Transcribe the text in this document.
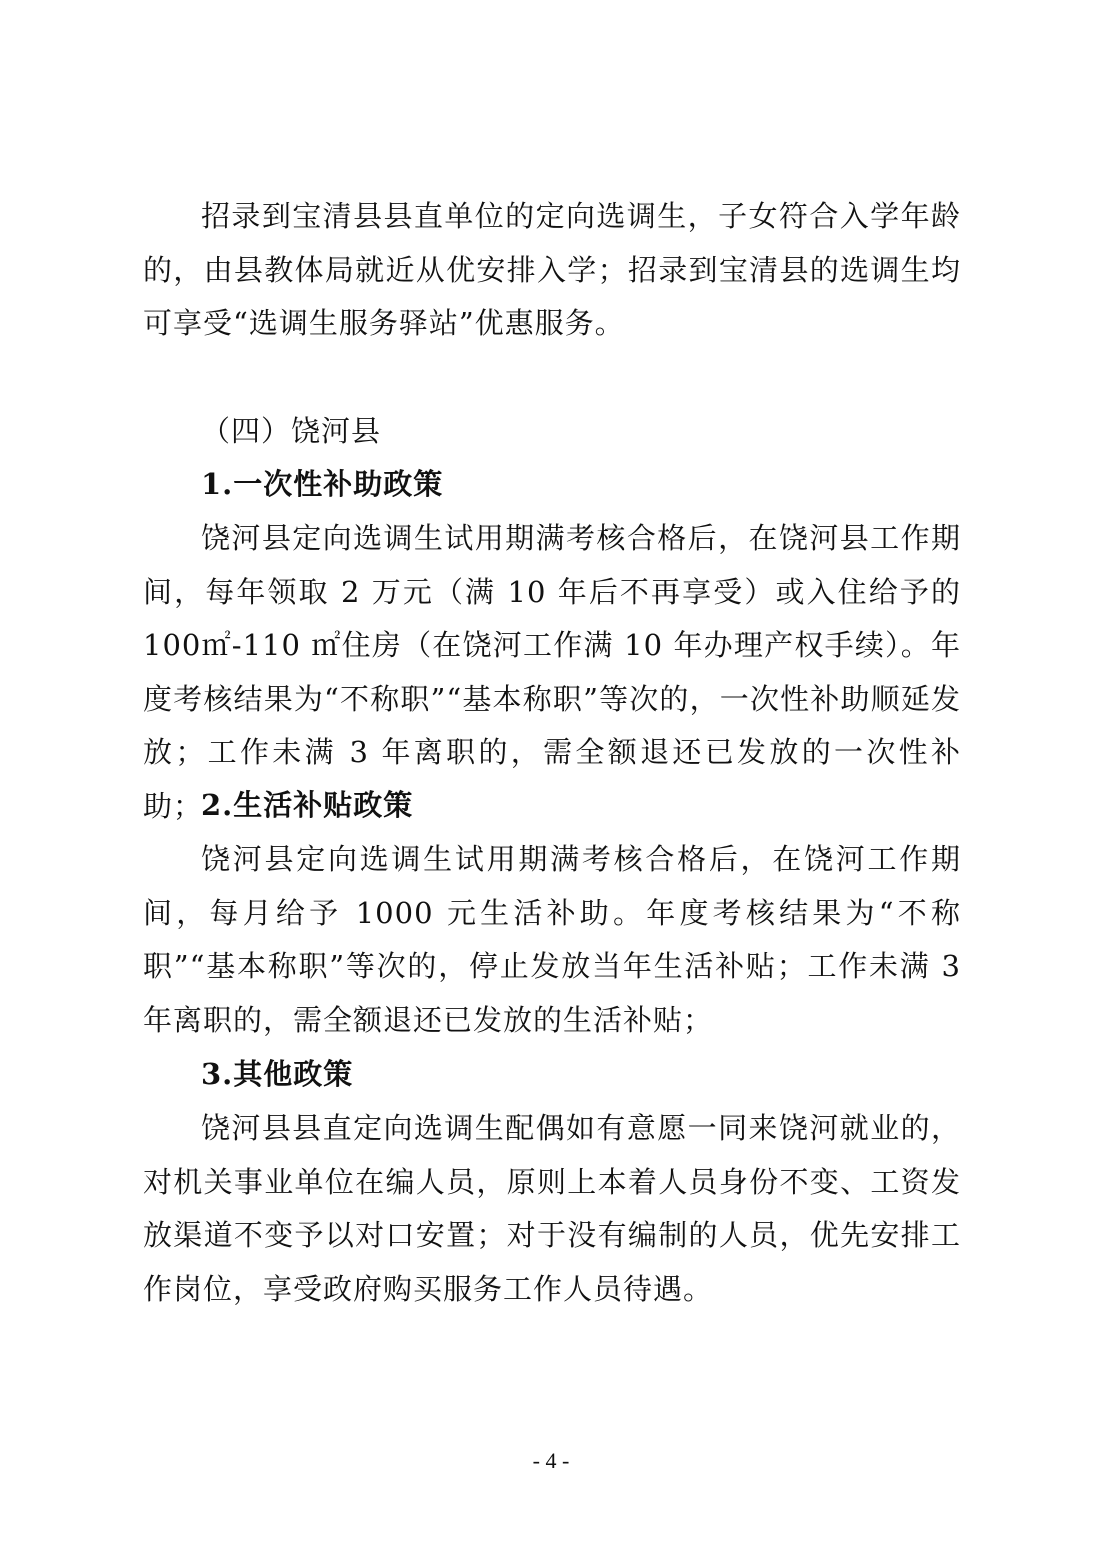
招录到宝清县县直单位的定向选调生，子女符合入学年龄的，由县教体局就近从优安排入学；招录到宝清县的选调生均可享受“选调生服务驿站”优惠服务。

（四）饶河县

1.一次性补助政策

饶河县定向选调生试用期满考核合格后，在饶河县工作期间，每年领取 2 万元（满 10 年后不再享受）或入住给予的 100㎡-110 ㎡住房（在饶河工作满 10 年办理产权手续）。年度考核结果为“不称职”“基本称职”等次的，一次性补助顺延发放；工作未满 3 年离职的，需全额退还已发放的一次性补助；

2.生活补贴政策

饶河县定向选调生试用期满考核合格后，在饶河工作期间，每月给予 1000 元生活补助。年度考核结果为“不称职”“基本称职”等次的，停止发放当年生活补贴；工作未满 3 年离职的，需全额退还已发放的生活补贴；

3.其他政策

饶河县县直定向选调生配偶如有意愿一同来饶河就业的，对机关事业单位在编人员，原则上本着人员身份不变、工资发放渠道不变予以对口安置；对于没有编制的人员，优先安排工作岗位，享受政府购买服务工作人员待遇。

- 4 -
